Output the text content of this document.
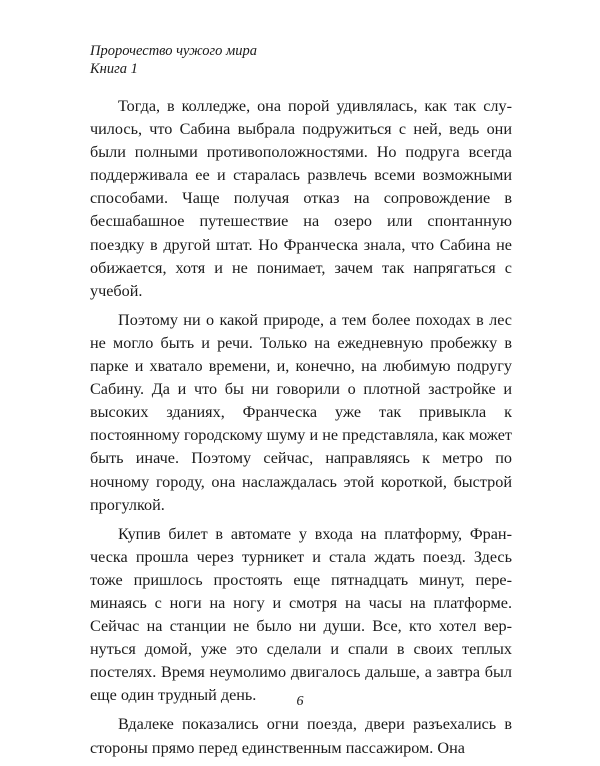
Пророчество чужого мира
Книга 1

Тогда, в колледже, она порой удивлялась, как так случилось, что Сабина выбрала подружиться с ней, ведь они были полными противоположностями. Но подруга всегда поддерживала ее и старалась развлечь всеми возможными способами. Чаще получая отказ на сопровождение в бесшабашное путешествие на озеро или спонтанную поездку в другой штат. Но Франческа знала, что Сабина не обижается, хотя и не понимает, зачем так напрягаться с учебой.

Поэтому ни о какой природе, а тем более походах в лес не могло быть и речи. Только на ежедневную пробежку в парке и хватало времени, и, конечно, на любимую подругу Сабину. Да и что бы ни говорили о плотной застройке и высоких зданиях, Франческа уже так привыкла к постоянному городскому шуму и не представляла, как может быть иначе. Поэтому сейчас, направляясь к метро по ночному городу, она наслаждалась этой короткой, быстрой прогулкой.

Купив билет в автомате у входа на платформу, Франческа прошла через турникет и стала ждать поезд. Здесь тоже пришлось простоять еще пятнадцать минут, переминаясь с ноги на ногу и смотря на часы на платформе. Сейчас на станции не было ни души. Все, кто хотел вернуться домой, уже это сделали и спали в своих теплых постелях. Время неумолимо двигалось дальше, а завтра был еще один трудный день.

Вдалеке показались огни поезда, двери разъехались в стороны прямо перед единственным пассажиром. Она

6
